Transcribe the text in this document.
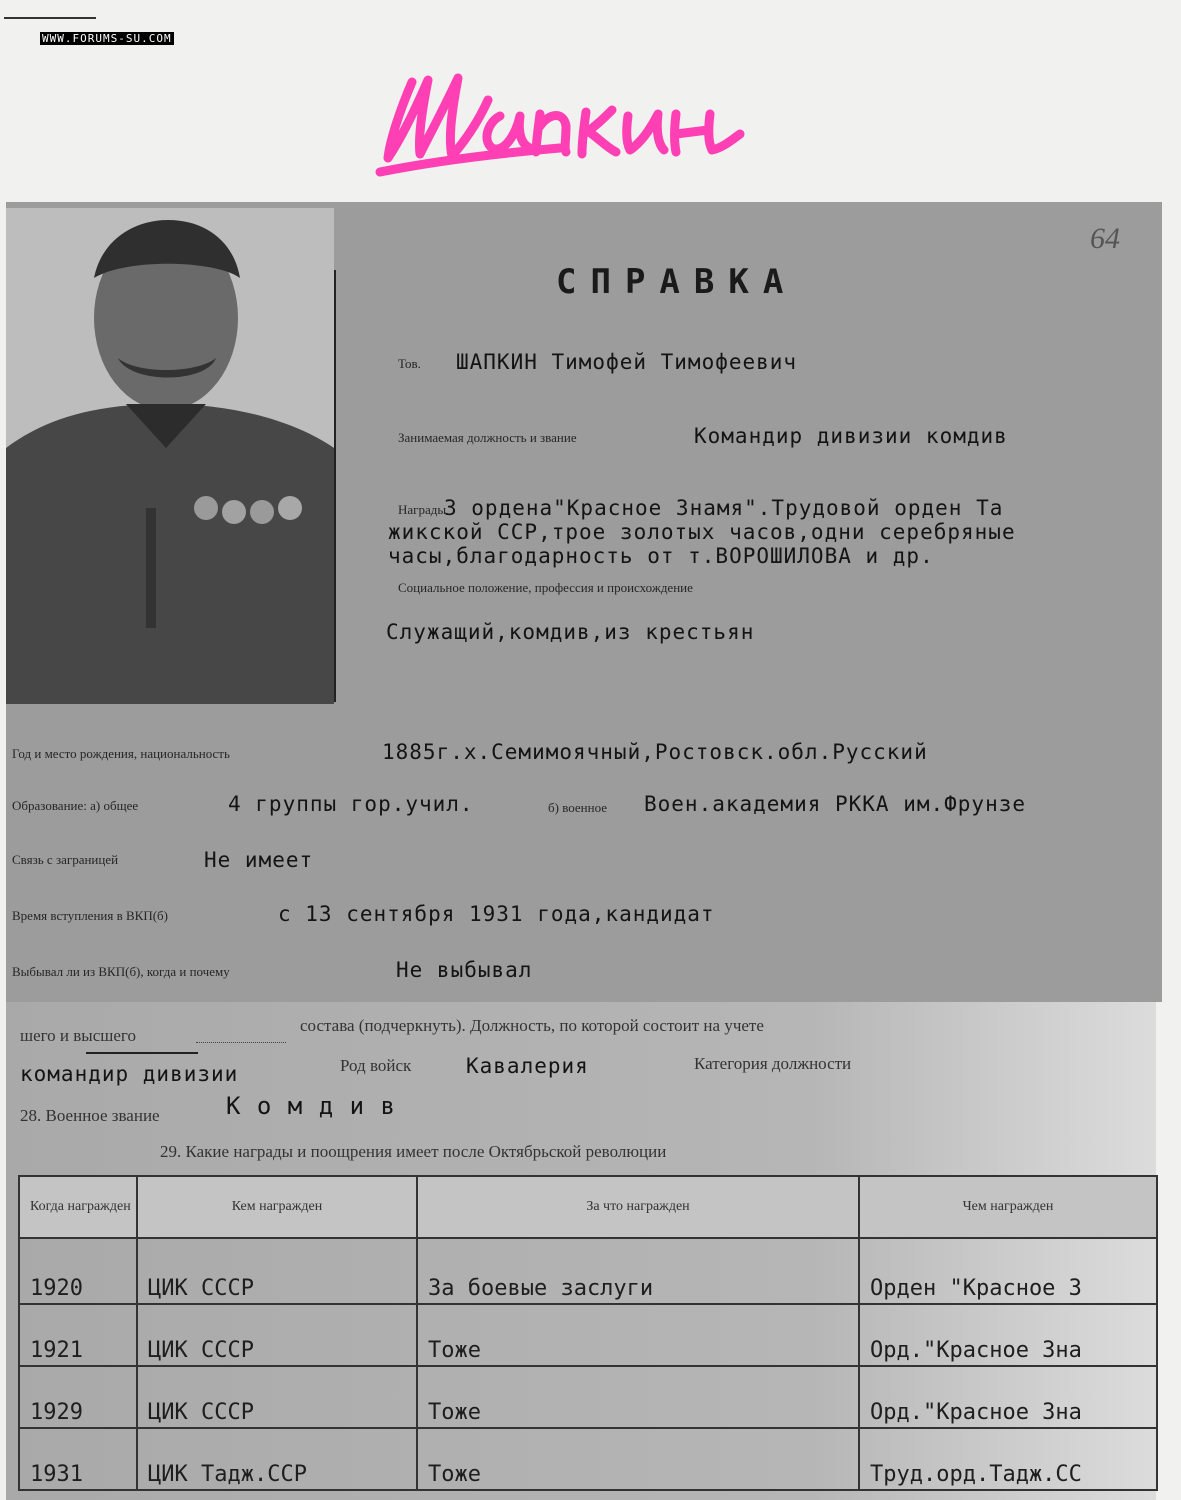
WWW.FORUMS-SU.COM
64
СПРАВКА
Тов. ШАПКИН Тимофей Тимофеевич
Занимаемая должность и звание	Командир дивизии комдив
Награды
3 ордена"Красное Знамя".Трудовой орден Та
жикской ССР,трое золотых часов,одни серебряные
часы,благодарность от т.ВОРОШИЛОВА и др.
Социальное положение, профессия и происхождение
Служащий,комдив,из крестьян
Год и место рождения, национальность	1885г.х.Семимоячный,Ростовск.обл.Русский
Образование: а) общее	4 группы гор.учил.	б) военное Воен.академия РККА им.Фрунзе
Связь с заграницей	Не имеет
Время вступления в ВКП(б)	с 13 сентября 1931 года,кандидат
Выбывал ли из ВКП(б), когда и почему	Не выбывал
шего и высшего
состава (подчеркнуть). Должность, по которой состоит на учете
командир дивизии	Род войск	Кавалерия	Категория должности
28. Военное звание	К о м д и в
29. Какие награды и поощрения имеет после Октябрьской революции
Когда награжден	Кем награжден	За что награжден	Чем награжден
1920	ЦИК СССР	За боевые заслуги	Орден "Красное З
1921	ЦИК СССР	Тоже	Орд."Красное Зна
1929	ЦИК СССР	Тоже	Орд."Красное Зна
1931	ЦИК Тадж.ССР	Тоже	Труд.орд.Тадж.СС
